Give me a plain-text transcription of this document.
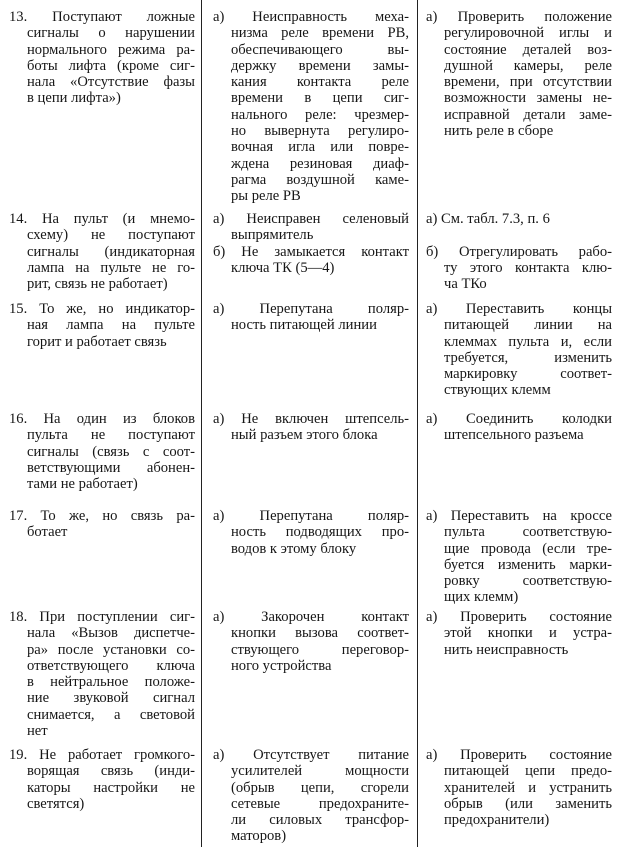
13. Поступают ложные
сигналы о нарушении
нормального режима ра-
боты лифта (кроме сиг-
нала «Отсутствие фазы
в цепи лифта»)
а) Неисправность меха-
низма реле времени РВ,
обеспечивающего вы-
держку времени замы-
кания контакта реле
времени в цепи сиг-
нального реле: чрезмер-
но вывернута регулиро-
вочная игла или повре-
ждена резиновая диаф-
рагма воздушной каме-
ры реле РВ
а) Проверить положение
регулировочной иглы и
состояние деталей воз-
душной камеры, реле
времени, при отсутствии
возможности замены не-
исправной детали заме-
нить реле в сборе
14. На пульт (и мнемо-
схему) не поступают
сигналы (индикаторная
лампа на пульте не го-
рит, связь не работает)
а) Неисправен селеновый
выпрямитель
б) Не замыкается контакт
ключа ТК (5—4)
а) См. табл. 7.3, п. 6

б) Отрегулировать рабо-
ту этого контакта клю-
ча ТКо
15. То же, но индикатор-
ная лампа на пульте
горит и работает связь
а) Перепутана поляр-
ность питающей линии
а) Переставить концы
питающей линии на
клеммах пульта и, если
требуется, изменить
маркировку соответ-
ствующих клемм
16. На один из блоков
пульта не поступают
сигналы (связь с соот-
ветствующими абонен-
тами не работает)
а) Не включен штепсель-
ный разъем этого блока
а) Соединить колодки
штепсельного разъема
17. То же, но связь ра-
ботает
а) Перепутана поляр-
ность подводящих про-
водов к этому блоку
а) Переставить на кроссе
пульта соответствую-
щие провода (если тре-
буется изменить марки-
ровку соответствую-
щих клемм)
18. При поступлении сиг-
нала «Вызов диспетче-
ра» после установки со-
ответствующего ключа
в нейтральное положе-
ние звуковой сигнал
снимается, а световой
нет
а) Закорочен контакт
кнопки вызова соответ-
ствующего переговор-
ного устройства
а) Проверить состояние
этой кнопки и устра-
нить неисправность
19. Не работает громкого-
ворящая связь (инди-
каторы настройки не
светятся)
а) Отсутствует питание
усилителей мощности
(обрыв цепи, сгорели
сетевые предохраните-
ли силовых трансфор-
маторов)
а) Проверить состояние
питающей цепи предо-
хранителей и устранить
обрыв (или заменить
предохранители)
